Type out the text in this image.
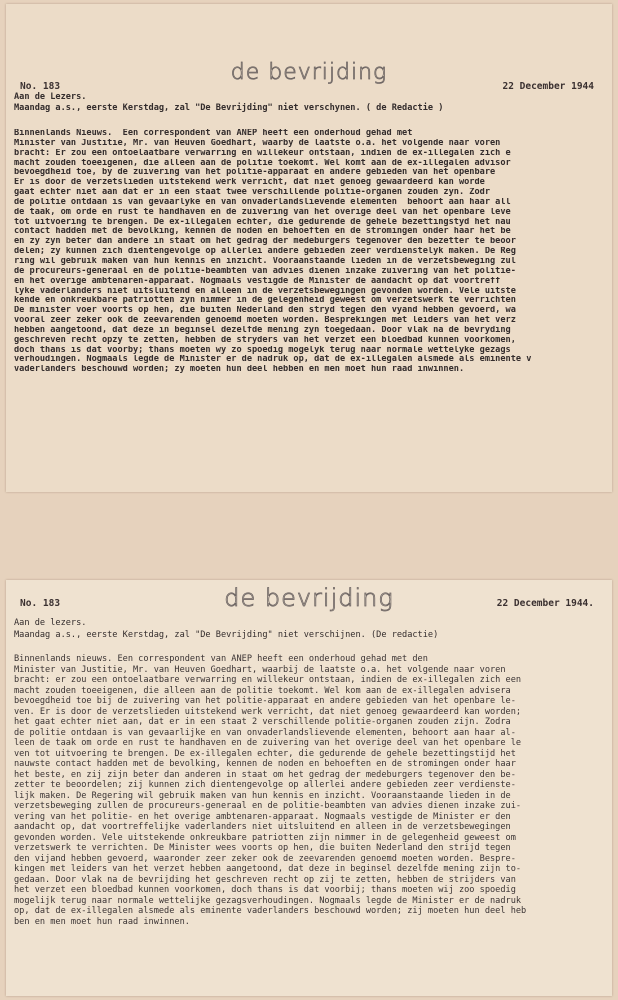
de bevrijding
No. 183	22 December 1944
Aan de Lezers.
Maandag a.s., eerste Kerstdag, zal "De Bevrijding" niet verschynen. ( de Redactie )
Binnenlands Nieuws.  Een correspondent van ANEP heeft een onderhoud gehad met
Minister van Justitie, Mr. van Heuven Goedhart, waarby de laatste o.a. het volgende naar voren
bracht: Er zou een ontoelaatbare verwarring en willekeur ontstaan, indien de ex-illegalen zich e
macht zouden toeeigenen, die alleen aan de politie toekomt. Wel komt aan de ex-illegalen advisor
bevoegdheid toe, by de zuivering van het politie-apparaat en andere gebieden van het openbare
Er is door de verzetslieden uitstekend werk verricht, dat niet genoeg gewaardeerd kan worde
gaat echter niet aan dat er in een staat twee verschillende politie-organen zouden zyn. Zodr
de politie ontdaan is van gevaarlyke en van onvaderlandslievende elementen  behoort aan haar all
de taak, om orde en rust te handhaven en de zuivering van het overige deel van het openbare leve
tot uitvoering te brengen. De ex-illegalen echter, die gedurende de gehele bezettingstyd het nau
contact hadden met de bevolking, kennen de noden en behoeften en de stromingen onder haar het be
en zy zyn beter dan andere in staat om het gedrag der medeburgers tegenover den bezetter te beoor
delen; zy kunnen zich dientengevolge op allerlei andere gebieden zeer verdienstelyk maken. De Reg
ring wil gebruik maken van hun kennis en inzicht. Vooraanstaande lieden in de verzetsbeweging zul
de procureurs-generaal en de politie-beambten van advies dienen inzake zuivering van het politie-
en het overige ambtenaren-apparaat. Nogmaals vestigde de Minister de aandacht op dat voortreff
lyke vaderlanders niet uitsluitend en alleen in de verzetsbewegingen gevonden worden. Vele uitste
kende en onkreukbare patriotten zyn nimmer in de gelegenheid geweest om verzetswerk te verrichten
De minister voer voorts op hen, die buiten Nederland den stryd tegen den vyand hebben gevoerd, wa
vooral zeer zeker ook de zeevarenden genoemd moeten worden. Besprekingen met leiders van het verz
hebben aangetoond, dat deze in beginsel dezelfde mening zyn toegedaan. Door vlak na de bevryding
geschreven recht opzy te zetten, hebben de stryders van het verzet een bloedbad kunnen voorkomen,
doch thans is dat voorby; thans moeten wy zo spoedig mogelyk terug naar normale wettelyke gezags
verhoudingen. Nogmaals legde de Minister er de nadruk op, dat de ex-illegalen alsmede als eminente v
vaderlanders beschouwd worden; zy moeten hun deel hebben en men moet hun raad inwinnen.
de bevrijding
No. 183	22 December 1944.
Aan de lezers.
Maandag a.s., eerste Kerstdag, zal "De Bevrijding" niet verschijnen. (De redactie)
Binnenlands nieuws. Een correspondent van ANEP heeft een onderhoud gehad met den
Minister van Justitie, Mr. van Heuven Goedhart, waarbij de laatste o.a. het volgende naar voren
bracht: er zou een ontoelaatbare verwarring en willekeur ontstaan, indien de ex-illegalen zich een
macht zouden toeeigenen, die alleen aan de politie toekomt. Wel kom aan de ex-illegalen advisera
bevoegdheid toe bij de zuivering van het politie-apparaat en andere gebieden van het openbare le-
ven. Er is door de verzetslieden uitstekend werk verricht, dat niet genoeg gewaardeerd kan worden;
het gaat echter niet aan, dat er in een staat 2 verschillende politie-organen zouden zijn. Zodra
de politie ontdaan is van gevaarlijke en van onvaderlandslievende elementen, behoort aan haar al-
leen de taak om orde en rust te handhaven en de zuivering van het overige deel van het openbare le
ven tot uitvoering te brengen. De ex-illegalen echter, die gedurende de gehele bezettingstijd het
nauwste contact hadden met de bevolking, kennen de noden en behoeften en de stromingen onder haar
het beste, en zij zijn beter dan anderen in staat om het gedrag der medeburgers tegenover den be-
zetter te beoordelen; zij kunnen zich dientengevolge op allerlei andere gebieden zeer verdienste-
lijk maken. De Regering wil gebruik maken van hun kennis en inzicht. Vooraanstaande lieden in de
verzetsbeweging zullen de procureurs-generaal en de politie-beambten van advies dienen inzake zui-
vering van het politie- en het overige ambtenaren-apparaat. Nogmaals vestigde de Minister er den
aandacht op, dat voortreffelijke vaderlanders niet uitsluitend en alleen in de verzetsbewegingen
gevonden worden. Vele uitstekende onkreukbare patriotten zijn nimmer in de gelegenheid geweest om
verzetswerk te verrichten. De Minister wees voorts op hen, die buiten Nederland den strijd tegen
den vijand hebben gevoerd, waaronder zeer zeker ook de zeevarenden genoemd moeten worden. Bespre-
kingen met leiders van het verzet hebben aangetoond, dat deze in beginsel dezelfde mening zijn to-
gedaan. Door vlak na de bevrijding het geschreven recht op zij te zetten, hebben de strijders van
het verzet een bloedbad kunnen voorkomen, doch thans is dat voorbij; thans moeten wij zoo spoedig
mogelijk terug naar normale wettelijke gezagsverhoudingen. Nogmaals legde de Minister er de nadruk
op, dat de ex-illegalen alsmede als eminente vaderlanders beschouwd worden; zij moeten hun deel heb
ben en men moet hun raad inwinnen.
